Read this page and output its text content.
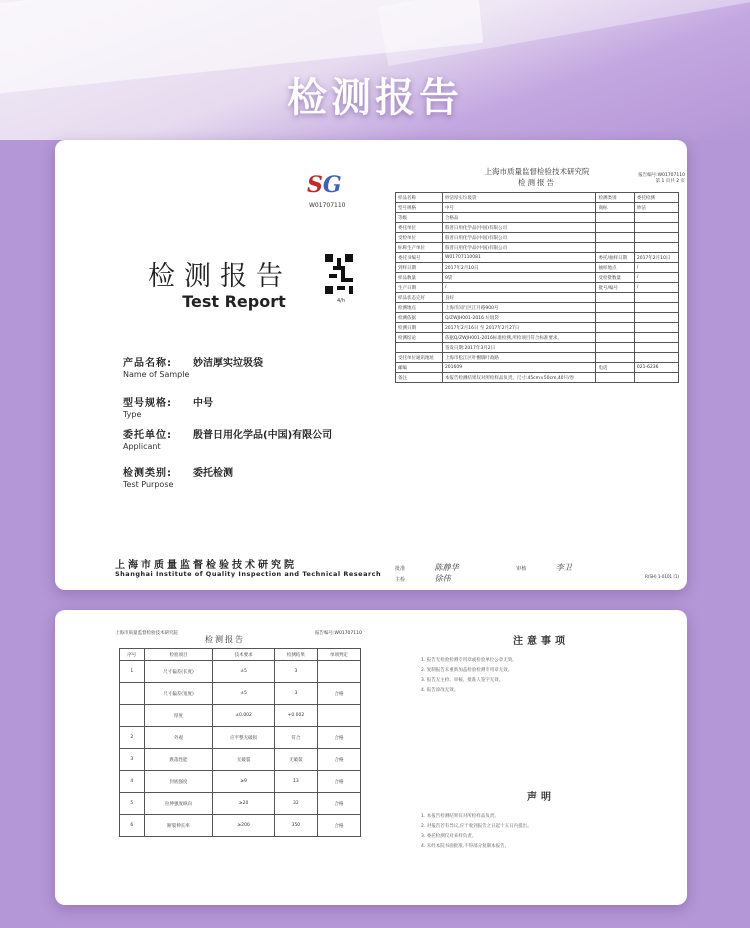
检测报告
SG
W01707110
检测报告
Test Report	4/h
产品名称: 妙洁厚实垃圾袋
Name of Sample
型号规格: 中号
Type
委托单位: 殷普日用化学品(中国)有限公司
Applicant
检测类别: 委托检测
Test Purpose
上海市质量监督检验技术研究院
Shanghai Institute of Quality Inspection and Technical Research
上海市质量监督检验技术研究院
检测报告
报告编号:W01707110
第 1 页共 2 页
样品名称	妙洁厚实垃圾袋	检测类别	委托检测
型号规格	中号	商标	妙洁
等级	合格品		
委托单位	殷普日用化学品(中国)有限公司		
受检单位	殷普日用化学品(中国)有限公司		
标称生产单位	殷普日用化学品(中国)有限公司		
委托书编号	W01707110081	委托/抽样日期	2017年2月10日
到样日期	2017年2月10日	抽样地点	/
样品数量	9袋	受检批数量	/
生产日期	/	批号/编号	/
样品状态完好	良好		
检测地点	上海市闵行区江月路900号		
检测依据	Q/ZWJH001-2016 垃圾袋		
检测日期	2017年2月16日 至 2017年2月27日		
检测结论	依据Q/ZWJH001-2016标准检测,所检项目符合标准要求。		
	签发日期:2017年3月2日		
受托单位通讯地址	上海市松江区叶榭镇叶政路		
邮编	201609	电话	021-6236
备注	本报告检测结果仅对所检样品负责。尺寸:45cm×50cm,40只/卷		
批准	陈静华	审核	李卫 主检	徐伟	R(SH) 1-0101 (1)
上海市质量监督检验技术研究院
检测报告
报告编号:W01707110
序号	检验项目	技术要求	检测结果	单项判定
1	尺寸偏差(长度)	±5	3	
	尺寸偏差(宽度)	±5	3	合格
	厚度	±0.002	+0.002	
2	外观	应平整无破损	符合	合格
3	跌落性能	无破裂	无破裂	合格
4	封底强度	≥9	13	合格
5	拉伸强度纵向	≥20	32	合格
6	断裂伸长率	≥200	350	合格
注意事项
1. 报告无检验检测专用章或检验单位公章无效。
2. 复制报告未重新加盖检验检测专用章无效。
3. 报告无主检、审核、批准人签字无效。
4. 报告涂改无效。
声明
1. 本报告检测结果仅对所检样品负责。
2. 对报告若有异议,应于收到报告之日起十五日内提出。
3. 委托检测仅对来样负责。
4. 未经本院书面批准,不得部分复制本报告。
